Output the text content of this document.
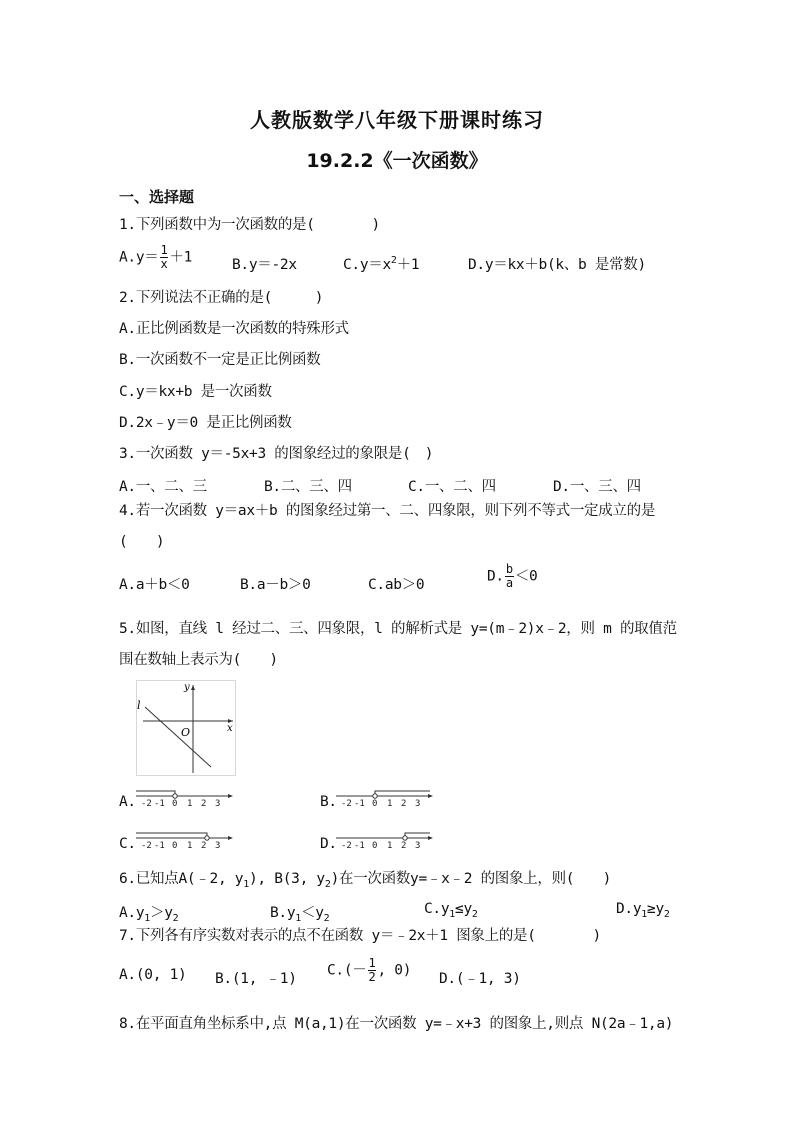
人教版数学八年级下册课时练习
19.2.2《一次函数》
一、选择题
1.下列函数中为一次函数的是(　　　　)
$A.y= \frac{1}{x} +1$	B.y＝-2x	$C.y=x^2+1$	D.y＝kx＋b(k、b 是常数)
2.下列说法不正确的是(　　　)
A.正比例函数是一次函数的特殊形式
B.一次函数不一定是正比例函数
C.y＝kx+b 是一次函数
D.2x﹣y＝0 是正比例函数
3.一次函数 y＝-5x+3 的图象经过的象限是(　)
A.一、二、三	B.二、三、四	C.一、二、四	D.一、三、四
4.若一次函数 y＝ax＋b 的图象经过第一、二、四象限，则下列不等式一定成立的是
(　　)
A.a＋b＜0	B.a－b＞0	C.ab＞0
D. $\frac{b}{a} <0$
5.如图，直线 l 经过二、三、四象限，l 的解析式是 y=(m﹣2)x﹣2，则 m 的取值范
围在数轴上表示为(　　)
l
y
x
O
A. -2 -1 0 1 2 3	B. -2 -1 0 1 2 3
C. -2 -1 0 1 2 3	D. -2 -1 0 1 2 3
6.已知点A(﹣2, $y_1$), B(3, $y_2$)在一次函数y=﹣x﹣2 的图象上，则(　　)
$A.y_1>y_2$	$B.y_1<y_2$
$C.y_1\le y_2$	$D.y_1\ge y_2$
7.下列各有序实数对表示的点不在函数 y＝﹣2x＋1 图象上的是(　　　　)
A.(0, 1) B.(1, ﹣1)
$C.(- \frac{1}{2}$ , 0)
D.(﹣1, 3)
8.在平面直角坐标系中,点 M(a,1)在一次函数 y=﹣x+3 的图象上,则点 N(2a﹣1,a)
